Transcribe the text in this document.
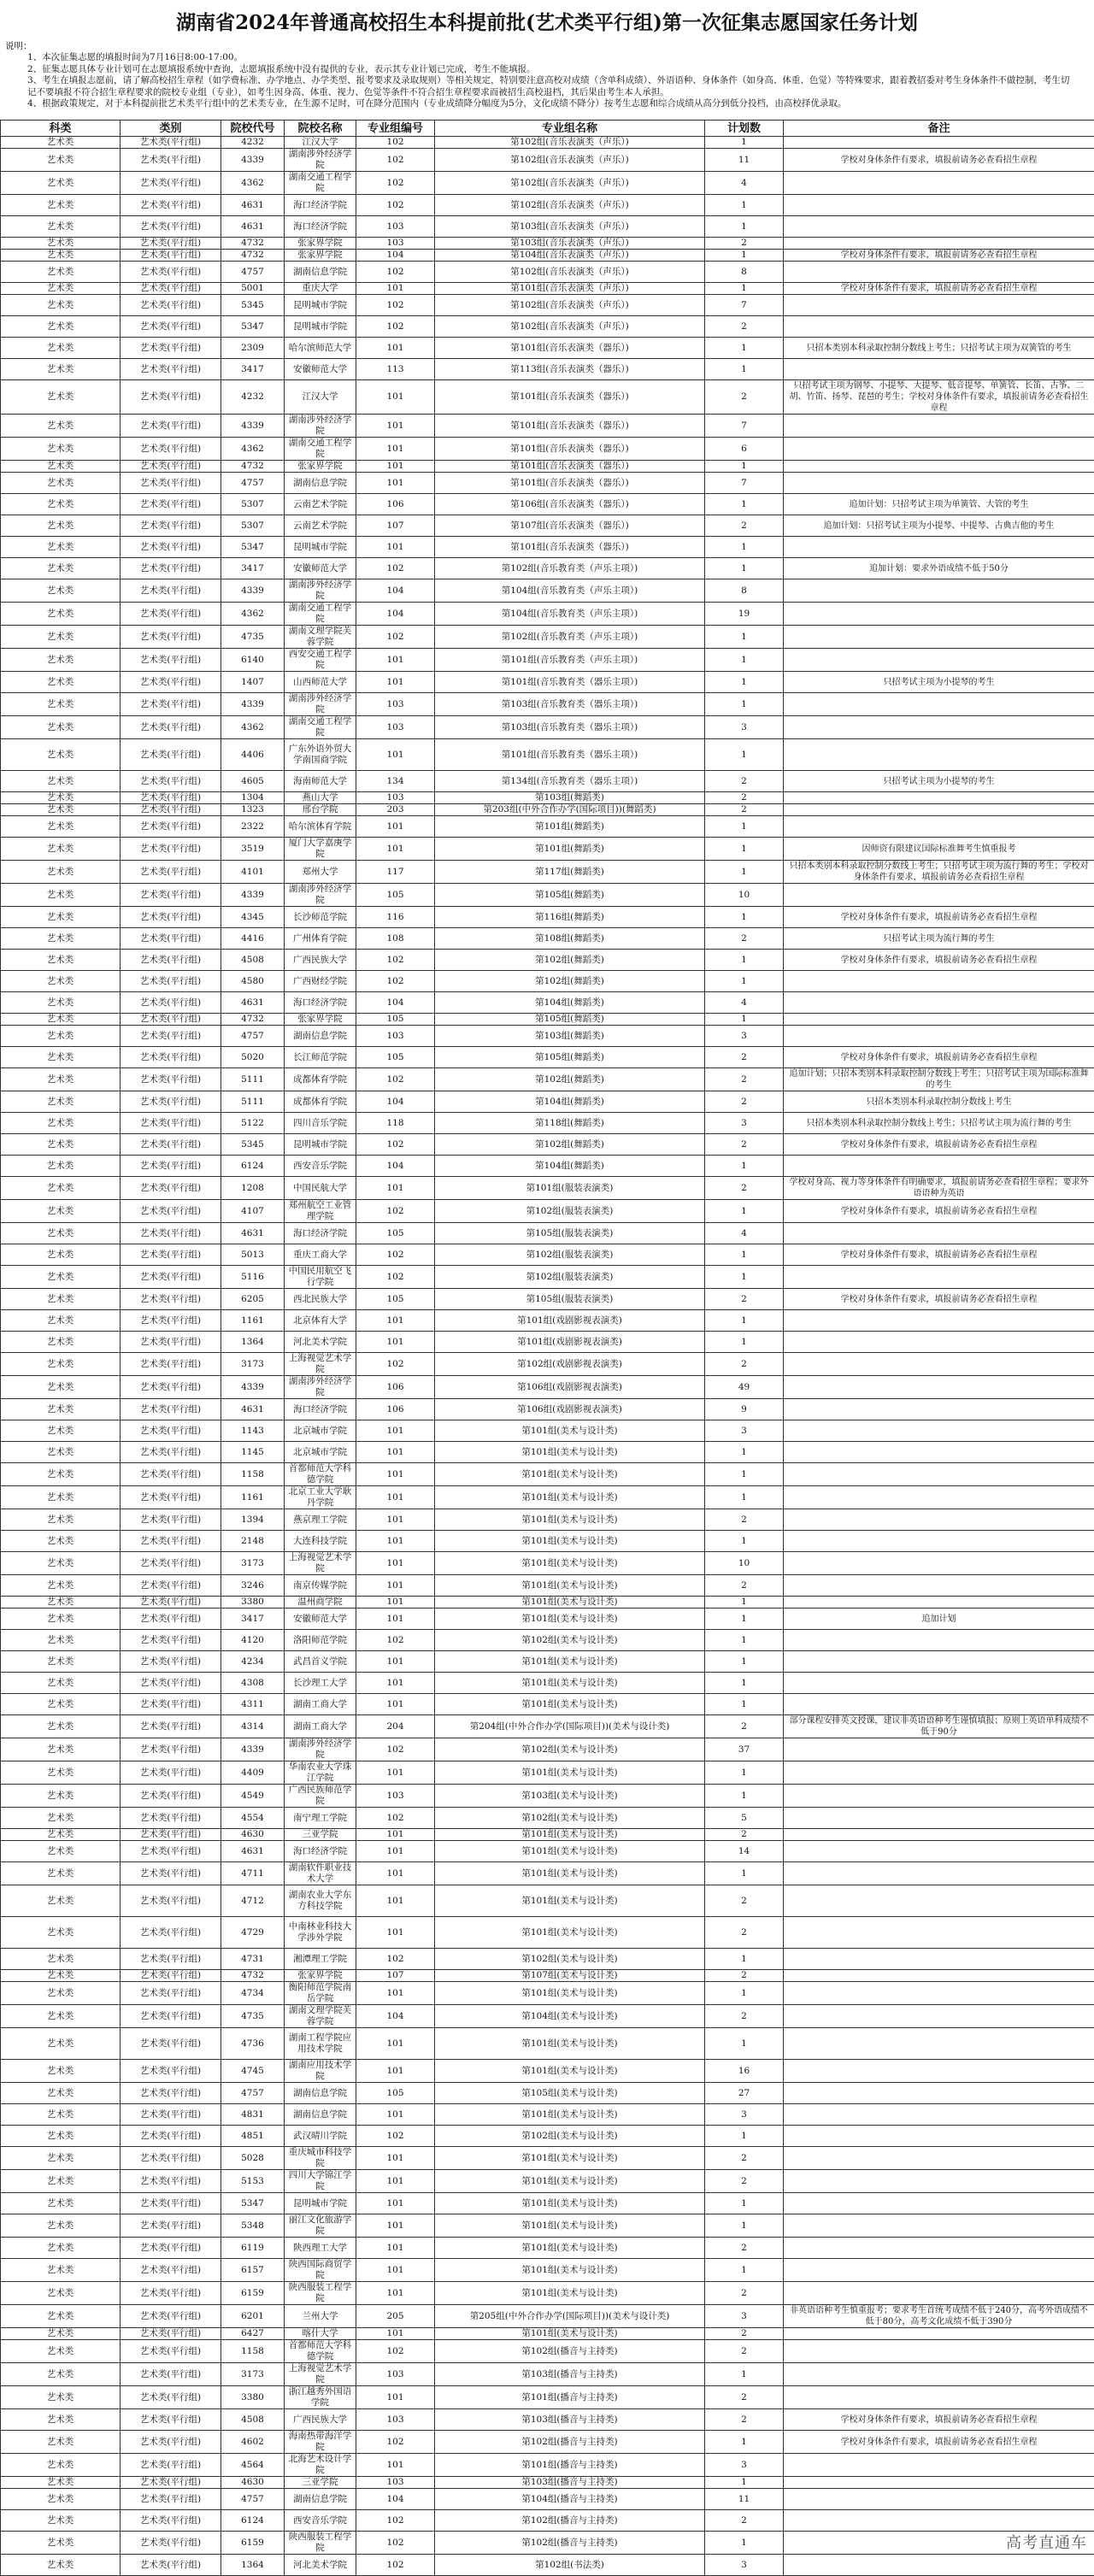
湖南省2024年普通高校招生本科提前批(艺术类平行组)第一次征集志愿国家任务计划

说明：

1、本次征集志愿的填报时间为7月16日8:00-17:00。

2、征集志愿具体专业计划可在志愿填报系统中查询，志愿填报系统中没有提供的专业，表示其专业计划已完成，考生不能填报。

3、考生在填报志愿前，请了解高校招生章程（如学费标准、办学地点、办学类型、报考要求及录取规则）等相关规定，特别要注意高校对成绩（含单科成绩）、外语语种、身体条件（如身高、体重、色觉）等特殊要求，跟着教招委对考生身体条件不做控制，考生切记不要填报不符合招生章程要求的院校专业组（专业），如考生因身高、体重、视力、色觉等条件不符合招生章程要求而被招生高校退档，其后果由考生本人承担。

4、根据政策规定，对于本科提前批艺术类平行组中的艺术类专业，在生源不足时，可在降分范围内（专业成绩降分幅度为5分，文化成绩不降分）按考生志愿和综合成绩从高分到低分投档，由高校择优录取。

科类	类别	院校代号	院校名称	专业组编号	专业组名称	计划数	备注
艺术类	艺术类(平行组)	4232	江汉大学	102	第102组(音乐表演类（声乐）)	1	
艺术类	艺术类(平行组)	4339	湖南涉外经济学院	102	第102组(音乐表演类（声乐）)	11	学校对身体条件有要求，填报前请务必查看招生章程
艺术类	艺术类(平行组)	4362	湖南交通工程学院	102	第102组(音乐表演类（声乐）)	4	
艺术类	艺术类(平行组)	4631	海口经济学院	102	第102组(音乐表演类（声乐）)	1	
艺术类	艺术类(平行组)	4631	海口经济学院	103	第103组(音乐表演类（声乐）)	1	
艺术类	艺术类(平行组)	4732	张家界学院	103	第103组(音乐表演类（声乐）)	2	
艺术类	艺术类(平行组)	4732	张家界学院	104	第104组(音乐表演类（声乐）)	1	学校对身体条件有要求，填报前请务必查看招生章程
艺术类	艺术类(平行组)	4757	湖南信息学院	102	第102组(音乐表演类（声乐）)	8	
艺术类	艺术类(平行组)	5001	重庆大学	101	第101组(音乐表演类（声乐）)	1	学校对身体条件有要求，填报前请务必查看招生章程
艺术类	艺术类(平行组)	5345	昆明城市学院	102	第102组(音乐表演类（声乐）)	7	
艺术类	艺术类(平行组)	5347	昆明城市学院	102	第102组(音乐表演类（声乐）)	2	
艺术类	艺术类(平行组)	2309	哈尔滨师范大学	101	第101组(音乐表演类（器乐）)	1	只招本类别本科录取控制分数线上考生；只招考试主项为双簧管的考生
艺术类	艺术类(平行组)	3417	安徽师范大学	113	第113组(音乐表演类（器乐）)	1	
艺术类	艺术类(平行组)	4232	江汉大学	101	第101组(音乐表演类（器乐）)	2	只招考试主项为钢琴、小提琴、大提琴、低音提琴、单簧管、长笛、古筝、二胡、竹笛、扬琴、琵琶的考生；学校对身体条件有要求，填报前请务必查看招生章程
艺术类	艺术类(平行组)	4339	湖南涉外经济学院	101	第101组(音乐表演类（器乐）)	7	
艺术类	艺术类(平行组)	4362	湖南交通工程学院	101	第101组(音乐表演类（器乐）)	6	
艺术类	艺术类(平行组)	4732	张家界学院	101	第101组(音乐表演类（器乐）)	1	
艺术类	艺术类(平行组)	4757	湖南信息学院	101	第101组(音乐表演类（器乐）)	7	
艺术类	艺术类(平行组)	5307	云南艺术学院	106	第106组(音乐表演类（器乐）)	1	追加计划：只招考试主项为单簧管、大管的考生
艺术类	艺术类(平行组)	5307	云南艺术学院	107	第107组(音乐表演类（器乐）)	2	追加计划：只招考试主项为小提琴、中提琴、古典吉他的考生
艺术类	艺术类(平行组)	5347	昆明城市学院	101	第101组(音乐表演类（器乐）)	1	
艺术类	艺术类(平行组)	3417	安徽师范大学	102	第102组(音乐教育类（声乐主项）)	1	追加计划：要求外语成绩不低于50分
艺术类	艺术类(平行组)	4339	湖南涉外经济学院	104	第104组(音乐教育类（声乐主项）)	8	
艺术类	艺术类(平行组)	4362	湖南交通工程学院	104	第104组(音乐教育类（声乐主项）)	19	
艺术类	艺术类(平行组)	4735	湖南文理学院芙蓉学院	102	第102组(音乐教育类（声乐主项）)	1	
艺术类	艺术类(平行组)	6140	西安交通工程学院	101	第101组(音乐教育类（声乐主项）)	1	
艺术类	艺术类(平行组)	1407	山西师范大学	101	第101组(音乐教育类（器乐主项）)	1	只招考试主项为小提琴的考生
艺术类	艺术类(平行组)	4339	湖南涉外经济学院	103	第103组(音乐教育类（器乐主项）)	1	
艺术类	艺术类(平行组)	4362	湖南交通工程学院	103	第103组(音乐教育类（器乐主项）)	3	
艺术类	艺术类(平行组)	4406	广东外语外贸大学南国商学院	101	第101组(音乐教育类（器乐主项）)	1	
艺术类	艺术类(平行组)	4605	海南师范大学	134	第134组(音乐教育类（器乐主项）)	2	只招考试主项为小提琴的考生
艺术类	艺术类(平行组)	1304	燕山大学	103	第103组(舞蹈类)	2	
艺术类	艺术类(平行组)	1323	邢台学院	203	第203组(中外合作办学(国际项目))(舞蹈类)	2	
艺术类	艺术类(平行组)	2322	哈尔滨体育学院	101	第101组(舞蹈类)	1	
艺术类	艺术类(平行组)	3519	厦门大学嘉庚学院	101	第101组(舞蹈类)	1	因师资有限建议国际标准舞考生慎重报考
艺术类	艺术类(平行组)	4101	郑州大学	117	第117组(舞蹈类)	1	只招本类别本科录取控制分数线上考生；只招考试主项为流行舞的考生；学校对身体条件有要求，填报前请务必查看招生章程
艺术类	艺术类(平行组)	4339	湖南涉外经济学院	105	第105组(舞蹈类)	10	
艺术类	艺术类(平行组)	4345	长沙师范学院	116	第116组(舞蹈类)	1	学校对身体条件有要求，填报前请务必查看招生章程
艺术类	艺术类(平行组)	4416	广州体育学院	108	第108组(舞蹈类)	2	只招考试主项为流行舞的考生
艺术类	艺术类(平行组)	4508	广西民族大学	102	第102组(舞蹈类)	1	学校对身体条件有要求，填报前请务必查看招生章程
艺术类	艺术类(平行组)	4580	广西财经学院	102	第102组(舞蹈类)	1	
艺术类	艺术类(平行组)	4631	海口经济学院	104	第104组(舞蹈类)	4	
艺术类	艺术类(平行组)	4732	张家界学院	105	第105组(舞蹈类)	1	
艺术类	艺术类(平行组)	4757	湖南信息学院	103	第103组(舞蹈类)	3	
艺术类	艺术类(平行组)	5020	长江师范学院	105	第105组(舞蹈类)	2	学校对身体条件有要求，填报前请务必查看招生章程
艺术类	艺术类(平行组)	5111	成都体育学院	102	第102组(舞蹈类)	2	追加计划；只招本类别本科录取控制分数线上考生；只招考试主项为国际标准舞的考生
艺术类	艺术类(平行组)	5111	成都体育学院	104	第104组(舞蹈类)	2	只招本类别本科录取控制分数线上考生
艺术类	艺术类(平行组)	5122	四川音乐学院	118	第118组(舞蹈类)	3	只招本类别本科录取控制分数线上考生；只招考试主项为流行舞的考生
艺术类	艺术类(平行组)	5345	昆明城市学院	102	第102组(舞蹈类)	2	学校对身体条件有要求，填报前请务必查看招生章程
艺术类	艺术类(平行组)	6124	西安音乐学院	104	第104组(舞蹈类)	1	
艺术类	艺术类(平行组)	1208	中国民航大学	101	第101组(服装表演类)	2	学校对身高、视力等身体条件有明确要求，填报前请务必查看招生章程；要求外语语种为英语
艺术类	艺术类(平行组)	4107	郑州航空工业管理学院	102	第102组(服装表演类)	1	学校对身体条件有要求，填报前请务必查看招生章程
艺术类	艺术类(平行组)	4631	海口经济学院	105	第105组(服装表演类)	4	
艺术类	艺术类(平行组)	5013	重庆工商大学	102	第102组(服装表演类)	1	学校对身体条件有要求，填报前请务必查看招生章程
艺术类	艺术类(平行组)	5116	中国民用航空飞行学院	102	第102组(服装表演类)	1	
艺术类	艺术类(平行组)	6205	西北民族大学	105	第105组(服装表演类)	2	学校对身体条件有要求，填报前请务必查看招生章程
艺术类	艺术类(平行组)	1161	北京体育大学	101	第101组(戏剧影视表演类)	1	
艺术类	艺术类(平行组)	1364	河北美术学院	101	第101组(戏剧影视表演类)	1	
艺术类	艺术类(平行组)	3173	上海视觉艺术学院	102	第102组(戏剧影视表演类)	2	
艺术类	艺术类(平行组)	4339	湖南涉外经济学院	106	第106组(戏剧影视表演类)	49	
艺术类	艺术类(平行组)	4631	海口经济学院	106	第106组(戏剧影视表演类)	9	
艺术类	艺术类(平行组)	1143	北京城市学院	101	第101组(美术与设计类)	3	
艺术类	艺术类(平行组)	1145	北京城市学院	101	第101组(美术与设计类)	1	
艺术类	艺术类(平行组)	1158	首都师范大学科德学院	101	第101组(美术与设计类)	1	
艺术类	艺术类(平行组)	1161	北京工业大学耿丹学院	101	第101组(美术与设计类)	1	
艺术类	艺术类(平行组)	1394	燕京理工学院	101	第101组(美术与设计类)	2	
艺术类	艺术类(平行组)	2148	大连科技学院	101	第101组(美术与设计类)	1	
艺术类	艺术类(平行组)	3173	上海视觉艺术学院	101	第101组(美术与设计类)	10	
艺术类	艺术类(平行组)	3246	南京传媒学院	101	第101组(美术与设计类)	2	
艺术类	艺术类(平行组)	3380	温州商学院	101	第101组(美术与设计类)	1	
艺术类	艺术类(平行组)	3417	安徽师范大学	101	第101组(美术与设计类)	1	追加计划
艺术类	艺术类(平行组)	4120	洛阳师范学院	102	第102组(美术与设计类)	1	
艺术类	艺术类(平行组)	4234	武昌首义学院	101	第101组(美术与设计类)	1	
艺术类	艺术类(平行组)	4308	长沙理工大学	101	第101组(美术与设计类)	1	
艺术类	艺术类(平行组)	4311	湖南工商大学	101	第101组(美术与设计类)	1	
艺术类	艺术类(平行组)	4314	湖南工商大学	204	第204组(中外合作办学(国际项目))(美术与设计类)	2	部分课程安排英文授课，建议非英语语种考生谨慎填报；原则上英语单科成绩不低于90分
艺术类	艺术类(平行组)	4339	湖南涉外经济学院	102	第102组(美术与设计类)	37	
艺术类	艺术类(平行组)	4409	华南农业大学珠江学院	101	第101组(美术与设计类)	1	
艺术类	艺术类(平行组)	4549	广西民族师范学院	103	第103组(美术与设计类)	1	
艺术类	艺术类(平行组)	4554	南宁理工学院	102	第102组(美术与设计类)	5	
艺术类	艺术类(平行组)	4630	三亚学院	101	第101组(美术与设计类)	2	
艺术类	艺术类(平行组)	4631	海口经济学院	101	第101组(美术与设计类)	14	
艺术类	艺术类(平行组)	4711	湖南软件职业技术大学	101	第101组(美术与设计类)	1	
艺术类	艺术类(平行组)	4712	湖南农业大学东方科技学院	101	第101组(美术与设计类)	2	
艺术类	艺术类(平行组)	4729	中南林业科技大学涉外学院	101	第101组(美术与设计类)	2	
艺术类	艺术类(平行组)	4731	湘潭理工学院	102	第102组(美术与设计类)	1	
艺术类	艺术类(平行组)	4732	张家界学院	107	第107组(美术与设计类)	2	
艺术类	艺术类(平行组)	4734	衡阳师范学院南岳学院	101	第101组(美术与设计类)	1	
艺术类	艺术类(平行组)	4735	湖南文理学院芙蓉学院	104	第104组(美术与设计类)	2	
艺术类	艺术类(平行组)	4736	湖南工程学院应用技术学院	101	第101组(美术与设计类)	1	
艺术类	艺术类(平行组)	4745	湖南应用技术学院	101	第101组(美术与设计类)	16	
艺术类	艺术类(平行组)	4757	湖南信息学院	105	第105组(美术与设计类)	27	
艺术类	艺术类(平行组)	4831	湖南信息学院	101	第101组(美术与设计类)	3	
艺术类	艺术类(平行组)	4851	武汉晴川学院	102	第102组(美术与设计类)	1	
艺术类	艺术类(平行组)	5028	重庆城市科技学院	101	第101组(美术与设计类)	2	
艺术类	艺术类(平行组)	5153	四川大学锦江学院	101	第101组(美术与设计类)	2	
艺术类	艺术类(平行组)	5347	昆明城市学院	101	第101组(美术与设计类)	1	
艺术类	艺术类(平行组)	5348	丽江文化旅游学院	101	第101组(美术与设计类)	1	
艺术类	艺术类(平行组)	6119	陕西理工大学	101	第101组(美术与设计类)	2	
艺术类	艺术类(平行组)	6157	陕西国际商贸学院	101	第101组(美术与设计类)	1	
艺术类	艺术类(平行组)	6159	陕西服装工程学院	101	第101组(美术与设计类)	2	
艺术类	艺术类(平行组)	6201	兰州大学	205	第205组(中外合作办学(国际项目))(美术与设计类)	3	非英语语种考生慎重报考；要求考生首统考成绩不低于240分，高考外语成绩不低于80分，高考文化成绩不低于390分
艺术类	艺术类(平行组)	6427	喀什大学	101	第101组(美术与设计类)	2	
艺术类	艺术类(平行组)	1158	首都师范大学科德学院	102	第102组(播音与主持类)	2	
艺术类	艺术类(平行组)	3173	上海视觉艺术学院	103	第103组(播音与主持类)	1	
艺术类	艺术类(平行组)	3380	浙江越秀外国语学院	101	第101组(播音与主持类)	2	
艺术类	艺术类(平行组)	4508	广西民族大学	103	第103组(播音与主持类)	2	学校对身体条件有要求，填报前请务必查看招生章程
艺术类	艺术类(平行组)	4602	海南热带海洋学院	102	第102组(播音与主持类)	1	学校对身体条件有要求，填报前请务必查看招生章程
艺术类	艺术类(平行组)	4564	北海艺术设计学院	101	第101组(播音与主持类)	3	
艺术类	艺术类(平行组)	4630	三亚学院	103	第103组(播音与主持类)	1	
艺术类	艺术类(平行组)	4757	湖南信息学院	104	第104组(播音与主持类)	11	
艺术类	艺术类(平行组)	6124	西安音乐学院	102	第102组(播音与主持类)	2	
艺术类	艺术类(平行组)	6159	陕西服装工程学院	102	第102组(播音与主持类)	1	
艺术类	艺术类(平行组)	1364	河北美术学院	102	第102组(书法类)	3	
高考直通车
